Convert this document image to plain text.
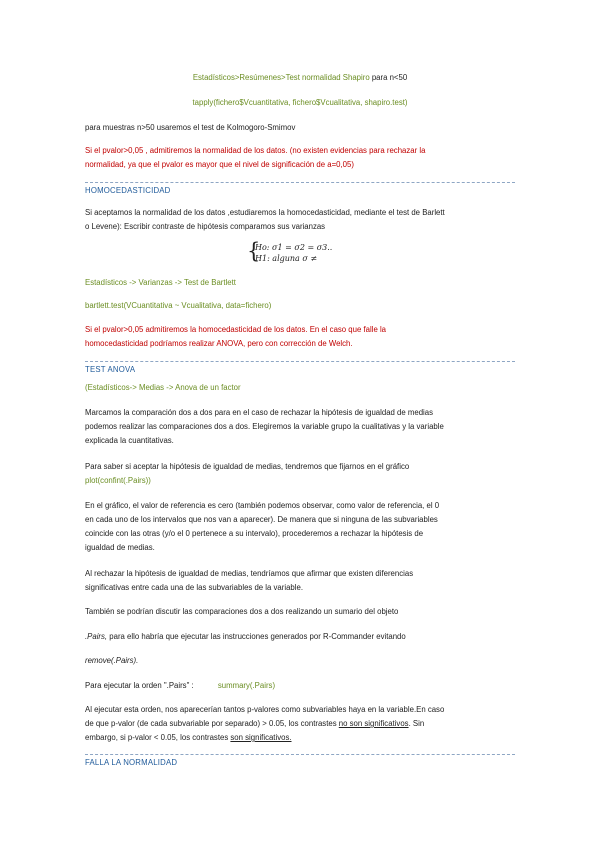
Estadísticos>Resúmenes>Test normalidad Shapiro para n<50
tapply(fichero$Vcuantitativa, fichero$Vcualitativa, shapiro.test)
para muestras n>50 usaremos el test de Kolmogoro-Smimov
Si el pvalor>0,05 , admitiremos la normalidad de los datos. (no existen evidencias para rechazar la
normalidad, ya que el pvalor es mayor que el nivel de significación de a=0,05)
HOMOCEDASTICIDAD
Si aceptamos la normalidad de los datos ,estudiaremos la homocedasticidad, mediante el test de Barlett
o Levene): Escribir contraste de hipótesis comparamos sus varianzas
{
Ho: σ1 = σ2 = σ3..
H1: alguna σ ≠
Estadísticos -> Varianzas -> Test de Bartlett
bartlett.test(VCuantitativa ~ Vcualitativa, data=fichero)
Si el pvalor>0,05 admitiremos la homocedasticidad de los datos. En el caso que falle la
homocedasticidad podríamos realizar ANOVA, pero con corrección de Welch.
TEST ANOVA
(Estadísticos-> Medias -> Anova de un factor
Marcamos la comparación dos a dos para en el caso de rechazar la hipótesis de igualdad de medias
podemos realizar las comparaciones dos a dos. Elegiremos la variable grupo la cualitativas y la variable
explicada la cuantitativas.
Para saber si aceptar la hipótesis de igualdad de medias, tendremos que fijarnos en el gráfico
plot(confint(.Pairs))
En el gráfico, el valor de referencia es cero (también podemos observar, como valor de referencia, el 0
en cada uno de los intervalos que nos van a aparecer). De manera que si ninguna de las subvariables
coincide con las otras (y/o el 0 pertenece a su intervalo), procederemos a rechazar la hipótesis de
igualdad de medias.
Al rechazar la hipótesis de igualdad de medias, tendríamos que afirmar que existen diferencias
significativas entre cada una de las subvariables de la variable.
También se podrían discutir las comparaciones dos a dos realizando un sumario del objeto
.Pairs, para ello habría que ejecutar las instrucciones generados por R-Commander evitando
remove(.Pairs).
Para ejecutar la orden ".Pairs" :	summary(.Pairs)
Al ejecutar esta orden, nos aparecerían tantos p-valores como subvariables haya en la variable.En caso
de que p-valor (de cada subvariable por separado) > 0.05, los contrastes no son significativos. Sin
embargo, si p-valor < 0.05, los contrastes son significativos.
FALLA LA NORMALIDAD
